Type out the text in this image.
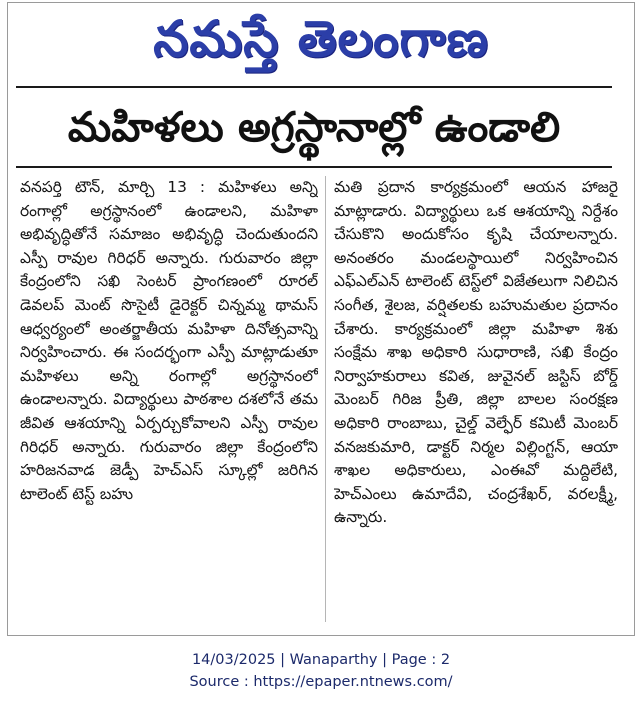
నమస్తే తెలంగాణ
మహిళలు అగ్రస్థానాల్లో ఉండాలి
వనపర్తి టౌన్, మార్చి 13 : మహిళలు అన్ని రంగాల్లో అగ్రస్థానంలో ఉండాలని, మహిళా అభివృద్ధితోనే సమాజం అభివృద్ధి చెందుతుందని ఎస్పీ రావుల గిరిధర్ అన్నారు. గురువారం జిల్లా కేంద్రంలోని సఖి సెంటర్ ప్రాంగణంలో రూరల్ డెవలప్ మెంట్ సొసైటీ డైరెక్టర్ చిన్నమ్మ థామస్ ఆధ్వర్యంలో అంతర్జాతీయ మహిళా దినోత్సవాన్ని నిర్వహించారు. ఈ సందర్భంగా ఎస్పీ మాట్లాడుతూ మహిళలు అన్ని రంగాల్లో అగ్రస్థానంలో ఉండాలన్నారు. విద్యార్థులు పాఠశాల దశలోనే తమ జీవిత ఆశయాన్ని ఏర్పర్చుకోవాలని ఎస్పీ రావుల గిరిధర్ అన్నారు. గురువారం జిల్లా కేంద్రంలోని హరిజనవాడ జెడ్పీ హెచ్ఎస్ స్కూల్లో జరిగిన టాలెంట్ టెస్ట్ బహు
మతి ప్రదాన కార్యక్రమంలో ఆయన హాజరై మాట్లాడారు. విద్యార్థులు ఒక ఆశయాన్ని నిర్దేశం చేసుకొని అందుకోసం కృషి చేయాలన్నారు. అనంతరం మండలస్థాయిలో నిర్వహించిన ఎఫ్ఎల్ఎన్ టాలెంట్ టెస్ట్‌లో విజేతలుగా నిలిచిన సంగీత, శైలజ, వర్షితలకు బహుమతుల ప్రదానం చేశారు. కార్యక్రమంలో జిల్లా మహిళా శిశు సంక్షేమ శాఖ అధికారి సుధారాణి, సఖి కేంద్రం నిర్వాహకురాలు కవిత, జువైనల్ జస్టిస్ బోర్డ్ మెంబర్ గిరిజ ప్రీతి, జిల్లా బాలల సంరక్షణ అధికారి రాంబాబు, చైల్డ్ వెల్ఫేర్ కమిటీ మెంబర్ వనజకుమారి, డాక్టర్ నిర్మల విల్లింగ్టన్, ఆయా శాఖల అధికారులు, ఎంఈవో మద్దిలేటి, హెచ్ఎంలు ఉమాదేవి, చంద్రశేఖర్, వరలక్ష్మీ, ఉన్నారు.
14/03/2025 | Wanaparthy | Page : 2
Source : https://epaper.ntnews.com/
